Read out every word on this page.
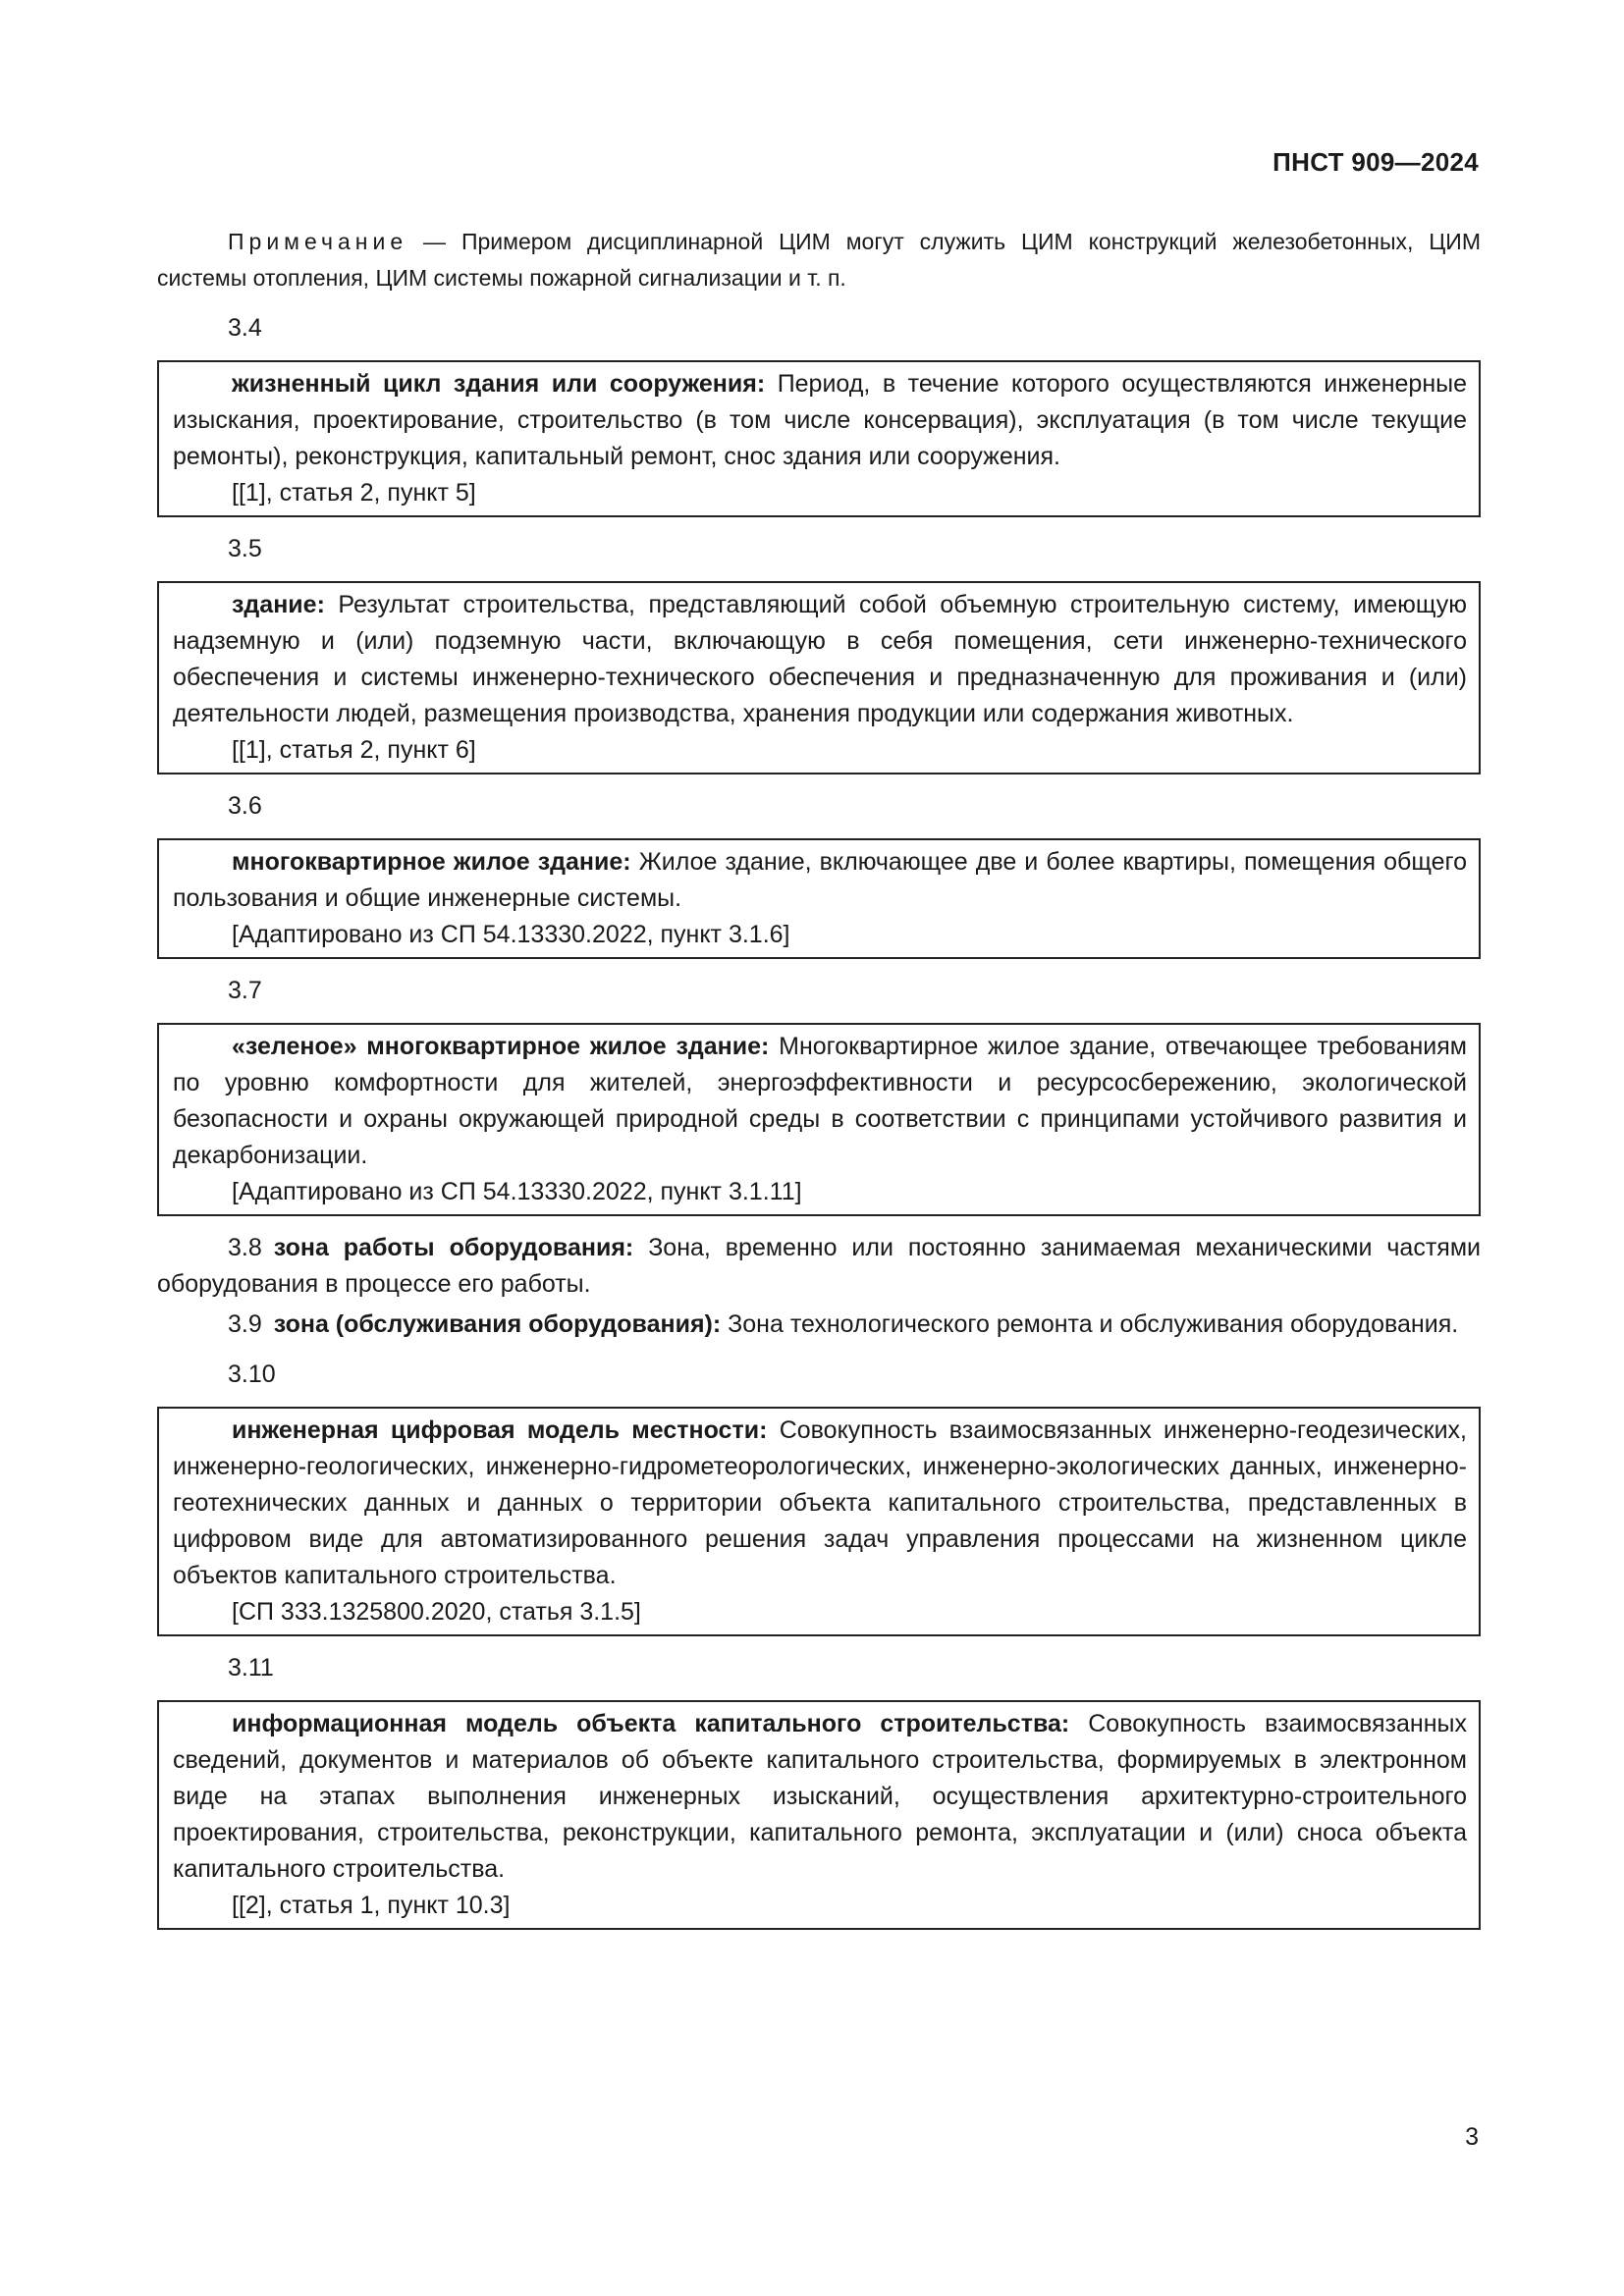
ПНСТ 909—2024

Примечание — Примером дисциплинарной ЦИМ могут служить ЦИМ конструкций железобетонных, ЦИМ системы отопления, ЦИМ системы пожарной сигнализации и т. п.

3.4

жизненный цикл здания или сооружения: Период, в течение которого осуществляются инженерные изыскания, проектирование, строительство (в том числе консервация), эксплуатация (в том числе текущие ремонты), реконструкция, капитальный ремонт, снос здания или сооружения.

[[1], статья 2, пункт 5]

3.5

здание: Результат строительства, представляющий собой объемную строительную систему, имеющую надземную и (или) подземную части, включающую в себя помещения, сети инженерно-технического обеспечения и системы инженерно-технического обеспечения и предназначенную для проживания и (или) деятельности людей, размещения производства, хранения продукции или содержания животных.

[[1], статья 2, пункт 6]

3.6

многоквартирное жилое здание: Жилое здание, включающее две и более квартиры, помещения общего пользования и общие инженерные системы.

[Адаптировано из СП 54.13330.2022, пункт 3.1.6]

3.7

«зеленое» многоквартирное жилое здание: Многоквартирное жилое здание, отвечающее требованиям по уровню комфортности для жителей, энергоэффективности и ресурсосбережению, экологической безопасности и охраны окружающей природной среды в соответствии с принципами устойчивого развития и декарбонизации.

[Адаптировано из СП 54.13330.2022, пункт 3.1.11]

3.8 зона работы оборудования: Зона, временно или постоянно занимаемая механическими частями оборудования в процессе его работы.

3.9 зона (обслуживания оборудования): Зона технологического ремонта и обслуживания оборудования.

3.10

инженерная цифровая модель местности: Совокупность взаимосвязанных инженерно-геодезических, инженерно-геологических, инженерно-гидрометеорологических, инженерно-экологических данных, инженерно-геотехнических данных и данных о территории объекта капитального строительства, представленных в цифровом виде для автоматизированного решения задач управления процессами на жизненном цикле объектов капитального строительства.

[СП 333.1325800.2020, статья 3.1.5]

3.11

информационная модель объекта капитального строительства: Совокупность взаимосвязанных сведений, документов и материалов об объекте капитального строительства, формируемых в электронном виде на этапах выполнения инженерных изысканий, осуществления архитектурно-строительного проектирования, строительства, реконструкции, капитального ремонта, эксплуатации и (или) сноса объекта капитального строительства.

[[2], статья 1, пункт 10.3]

3
